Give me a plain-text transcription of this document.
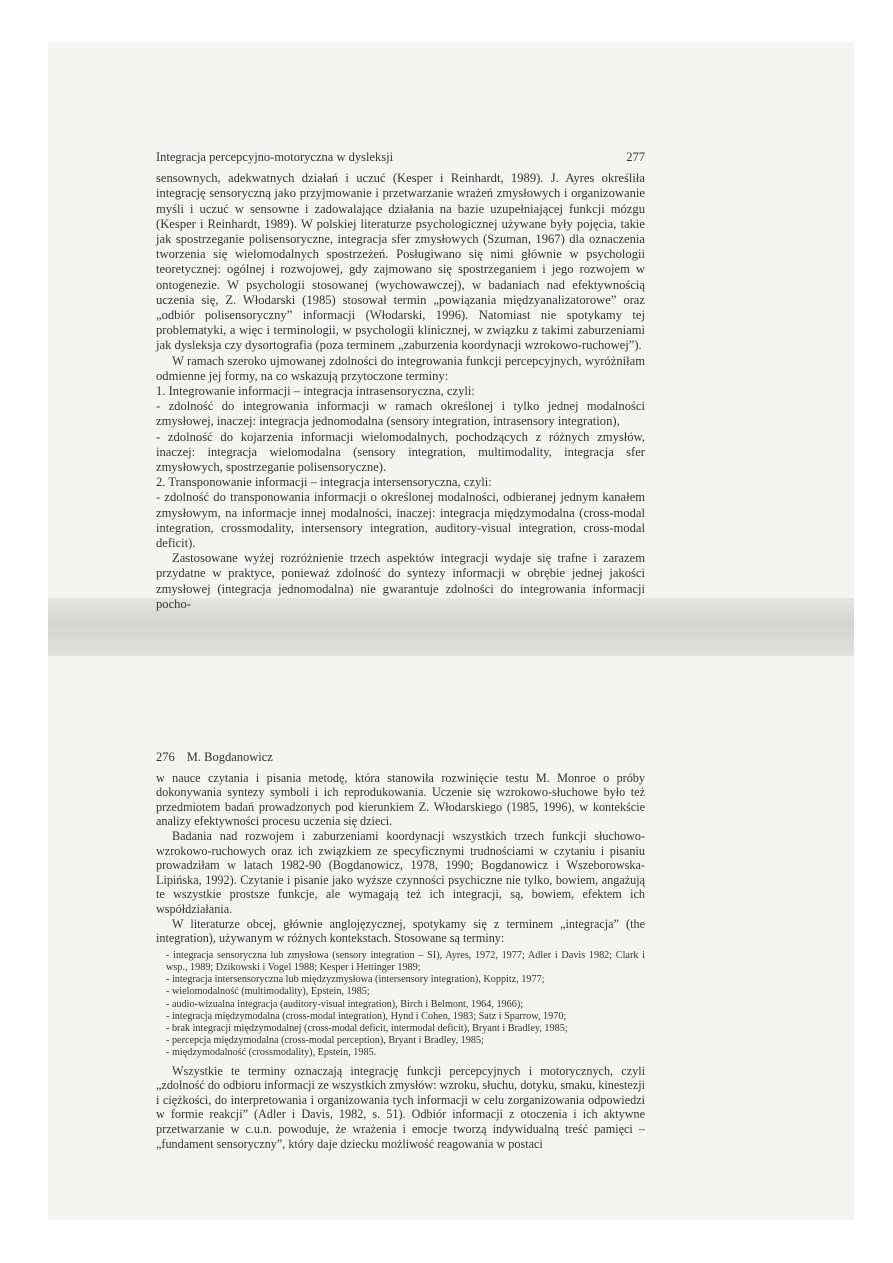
Integracja percepcyjno-motoryczna w dysleksji	277

sensownych, adekwatnych działań i uczuć (Kesper i Reinhardt, 1989). J. Ayres określiła integrację sensoryczną jako przyjmowanie i przetwarzanie wrażeń zmysłowych i organizowanie myśli i uczuć w sensowne i zadowalające działania na bazie uzupełniającej funkcji mózgu (Kesper i Reinhardt, 1989). W polskiej literaturze psychologicznej używane były pojęcia, takie jak spostrzeganie polisensoryczne, integracja sfer zmysłowych (Szuman, 1967) dla oznaczenia tworzenia się wielomodalnych spostrzeżeń. Posługiwano się nimi głównie w psychologii teoretycznej: ogólnej i rozwojowej, gdy zajmowano się spostrzeganiem i jego rozwojem w ontogenezie. W psychologii stosowanej (wychowawczej), w badaniach nad efektywnością uczenia się, Z. Włodarski (1985) stosował termin „powiązania międzyanalizatorowe” oraz „odbiór polisensoryczny” informacji (Włodarski, 1996). Natomiast nie spotykamy tej problematyki, a więc i terminologii, w psychologii klinicznej, w związku z takimi zaburzeniami jak dysleksja czy dysortografia (poza terminem „zaburzenia koordynacji wzrokowo-ruchowej”).

W ramach szeroko ujmowanej zdolności do integrowania funkcji percepcyjnych, wyróżniłam odmienne jej formy, na co wskazują przytoczone terminy:

1. Integrowanie informacji – integracja intrasensoryczna, czyli:

- zdolność do integrowania informacji w ramach określonej i tylko jednej modalności zmysłowej, inaczej: integracja jednomodalna (sensory integration, intrasensory integration),

- zdolność do kojarzenia informacji wielomodalnych, pochodzących z różnych zmysłów, inaczej: integracja wielomodalna (sensory integration, multimodality, integracja sfer zmysłowych, spostrzeganie polisensoryczne).

2. Transponowanie informacji – integracja intersensoryczna, czyli:

- zdolność do transponowania informacji o określonej modalności, odbieranej jednym kanałem zmysłowym, na informacje innej modalności, inaczej: integracja międzymodalna (cross-modal integration, crossmodality, intersensory integration, auditory-visual integration, cross-modal deficit).

Zastosowane wyżej rozróżnienie trzech aspektów integracji wydaje się trafne i zarazem przydatne w praktyce, ponieważ zdolność do syntezy informacji w obrębie jednej jakości zmysłowej (integracja jednomodalna) nie gwarantuje zdolności do integrowania informacji pocho-

276 M. Bogdanowicz

w nauce czytania i pisania metodę, która stanowiła rozwinięcie testu M. Monroe o próby dokonywania syntezy symboli i ich reprodukowania. Uczenie się wzrokowo-słuchowe było też przedmiotem badań prowadzonych pod kierunkiem Z. Włodarskiego (1985, 1996), w kontekście analizy efektywności procesu uczenia się dzieci.

Badania nad rozwojem i zaburzeniami koordynacji wszystkich trzech funkcji słuchowo-wzrokowo-ruchowych oraz ich związkiem ze specyficznymi trudnościami w czytaniu i pisaniu prowadziłam w latach 1982-90 (Bogdanowicz, 1978, 1990; Bogdanowicz i Wszeborowska-Lipińska, 1992). Czytanie i pisanie jako wyższe czynności psychiczne nie tylko, bowiem, angażują te wszystkie prostsze funkcje, ale wymagają też ich integracji, są, bowiem, efektem ich współdziałania.

W literaturze obcej, głównie anglojęzycznej, spotykamy się z terminem „integracja” (the integration), używanym w różnych kontekstach. Stosowane są terminy:

- integracja sensoryczna lub zmysłowa (sensory integration – SI), Ayres, 1972, 1977; Adler i Davis 1982; Clark i wsp., 1989; Dzikowski i Vogel 1988; Kesper i Hettinger 1989;
- integracja intersensoryczna lub międzyzmysłowa (intersensory integration), Koppitz, 1977;
- wielomodalność (multimodality), Epstein, 1985;
- audio-wizualna integracja (auditory-visual integration), Birch i Belmont, 1964, 1966);
- integracja międzymodalna (cross-modal integration), Hynd i Cohen, 1983; Satz i Sparrow, 1970;
- brak integracji międzymodalnej (cross-modal deficit, intermodal deficit), Bryant i Bradley, 1985;
- percepcja międzymodalna (cross-modal perception), Bryant i Bradley, 1985;
- międzymodalność (crossmodality), Epstein, 1985.

Wszystkie te terminy oznaczają integrację funkcji percepcyjnych i motorycznych, czyli „zdolność do odbioru informacji ze wszystkich zmysłów: wzroku, słuchu, dotyku, smaku, kinestezji i ciężkości, do interpretowania i organizowania tych informacji w celu zorganizowania odpowiedzi w formie reakcji” (Adler i Davis, 1982, s. 51). Odbiór informacji z otoczenia i ich aktywne przetwarzanie w c.u.n. powoduje, że wrażenia i emocje tworzą indywidualną treść pamięci – „fundament sensoryczny”, który daje dziecku możliwość reagowania w postaci
